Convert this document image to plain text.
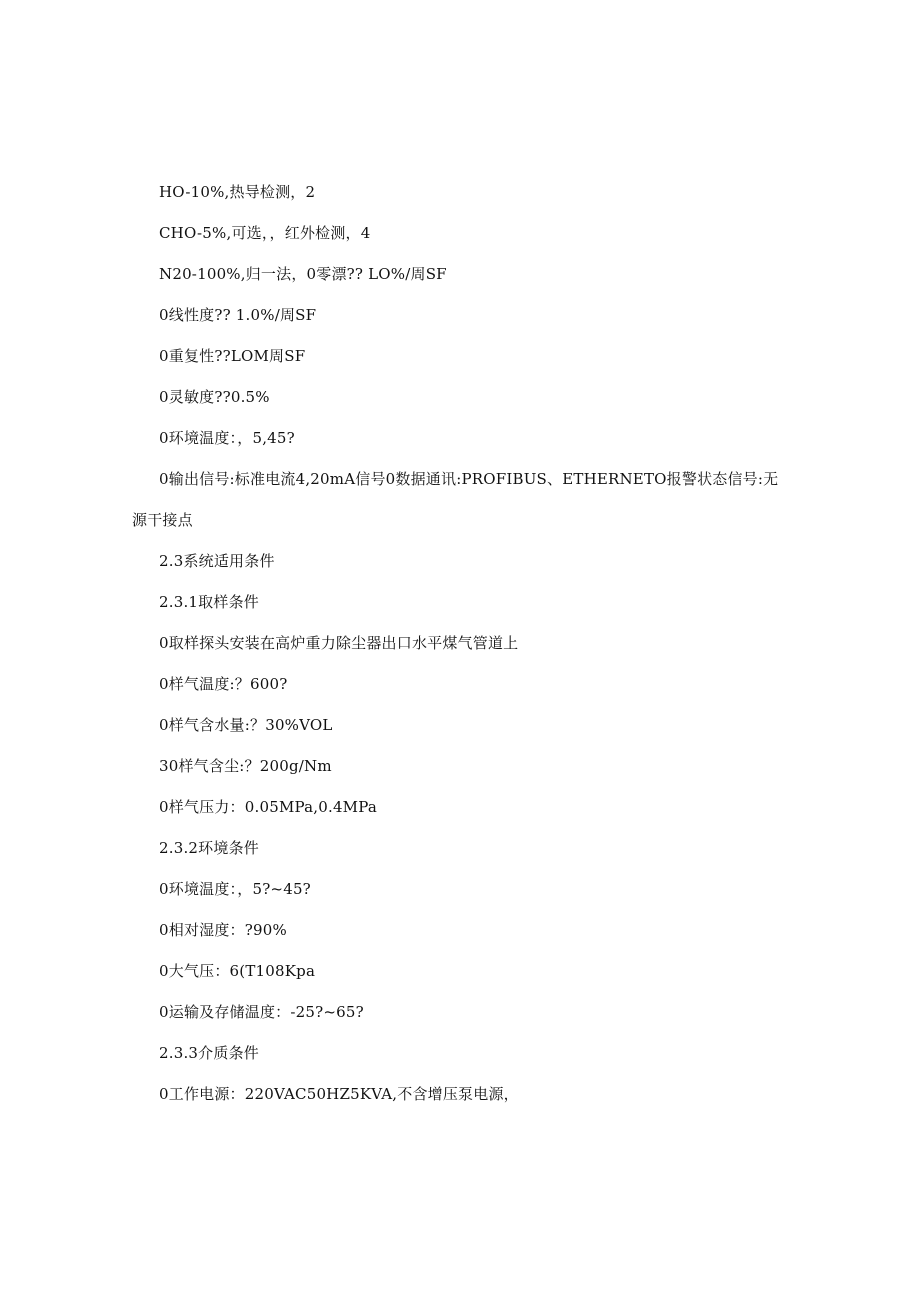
HO-10%,热导检测，2
CHO-5%,可选，，红外检测，4
N20-100%,归一法，0零漂?? LO%/周SF
0线性度?? 1.0%/周SF
0重复性??LOM周SF
0灵敏度??0.5%
0环境温度：，5,45?
0输出信号:标准电流4,20mA信号0数据通讯:PROFIBUS、ETHERNETO报警状态信号:无源干接点
2.3系统适用条件
2.3.1取样条件
0取样探头安装在高炉重力除尘器出口水平煤气管道上
0样气温度:？600?
0样气含水量:？30%VOL
30样气含尘:？200g/Nm
0样气压力：0.05MPa,0.4MPa
2.3.2环境条件
0环境温度：，5?~45?
0相对湿度：?90%
0大气压：6(T108Kpa
0运输及存储温度：-25?~65?
2.3.3介质条件
0工作电源：220VAC50HZ5KVA,不含增压泵电源，
